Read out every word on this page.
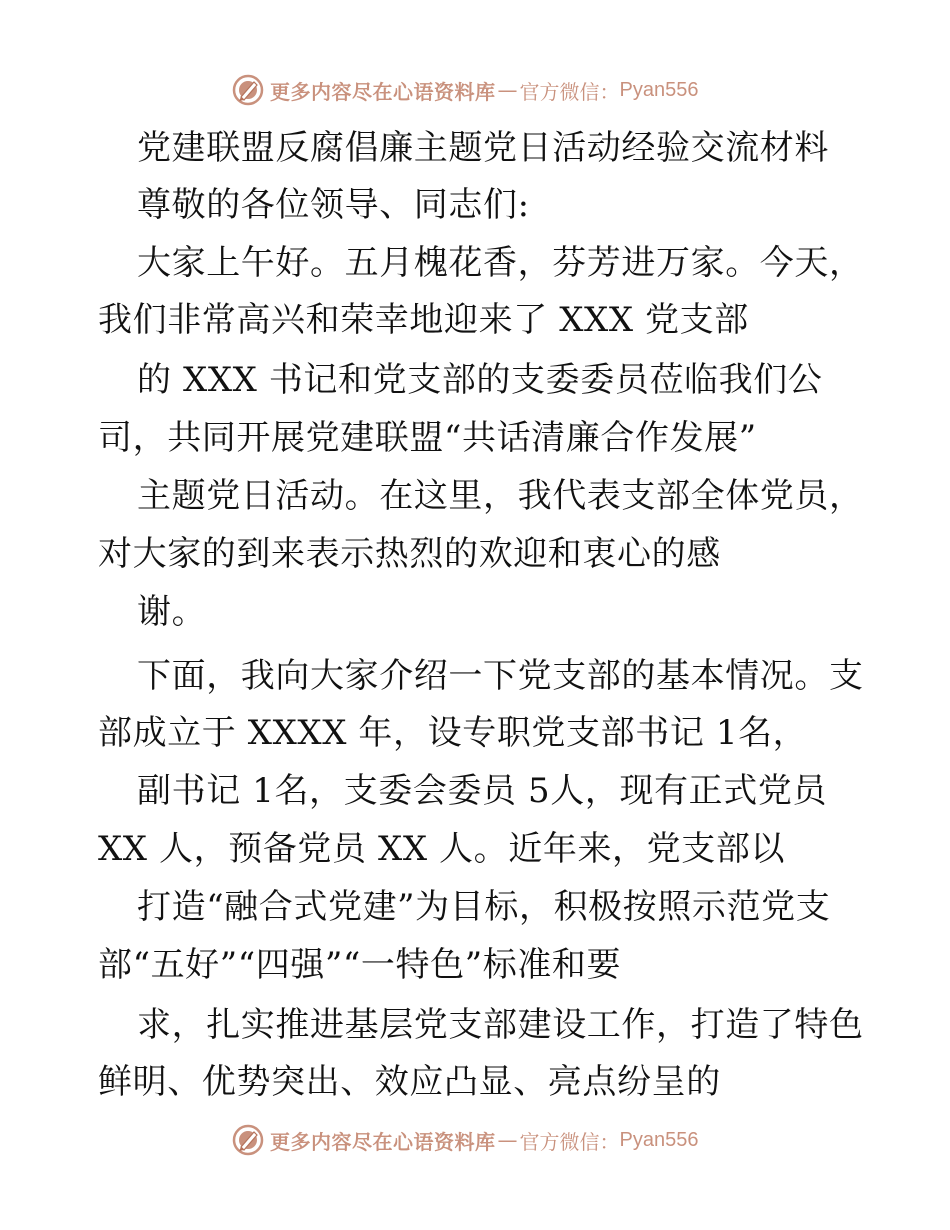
更多内容尽在心语资料库 — 官方微信： Pyan556
党建联盟反腐倡廉主题党日活动经验交流材料
尊敬的各位领导、同志们:
大家上午好。五月槐花香，芬芳进万家。今天，
我们非常高兴和荣幸地迎来了 XXX 党支部
的 XXX 书记和党支部的支委委员莅临我们公
司，共同开展党建联盟“共话清廉合作发展”
主题党日活动。在这里，我代表支部全体党员，
对大家的到来表示热烈的欢迎和衷心的感
谢。
下面，我向大家介绍一下党支部的基本情况。支
部成立于 XXXX 年，设专职党支部书记 1名，
副书记 1名，支委会委员 5人，现有正式党员
XX 人，预备党员 XX 人。近年来，党支部以
打造“融合式党建”为目标，积极按照示范党支
部“五好”“四强”“一特色”标准和要
求，扎实推进基层党支部建设工作，打造了特色
鲜明、优势突出、效应凸显、亮点纷呈的
更多内容尽在心语资料库 — 官方微信： Pyan556
